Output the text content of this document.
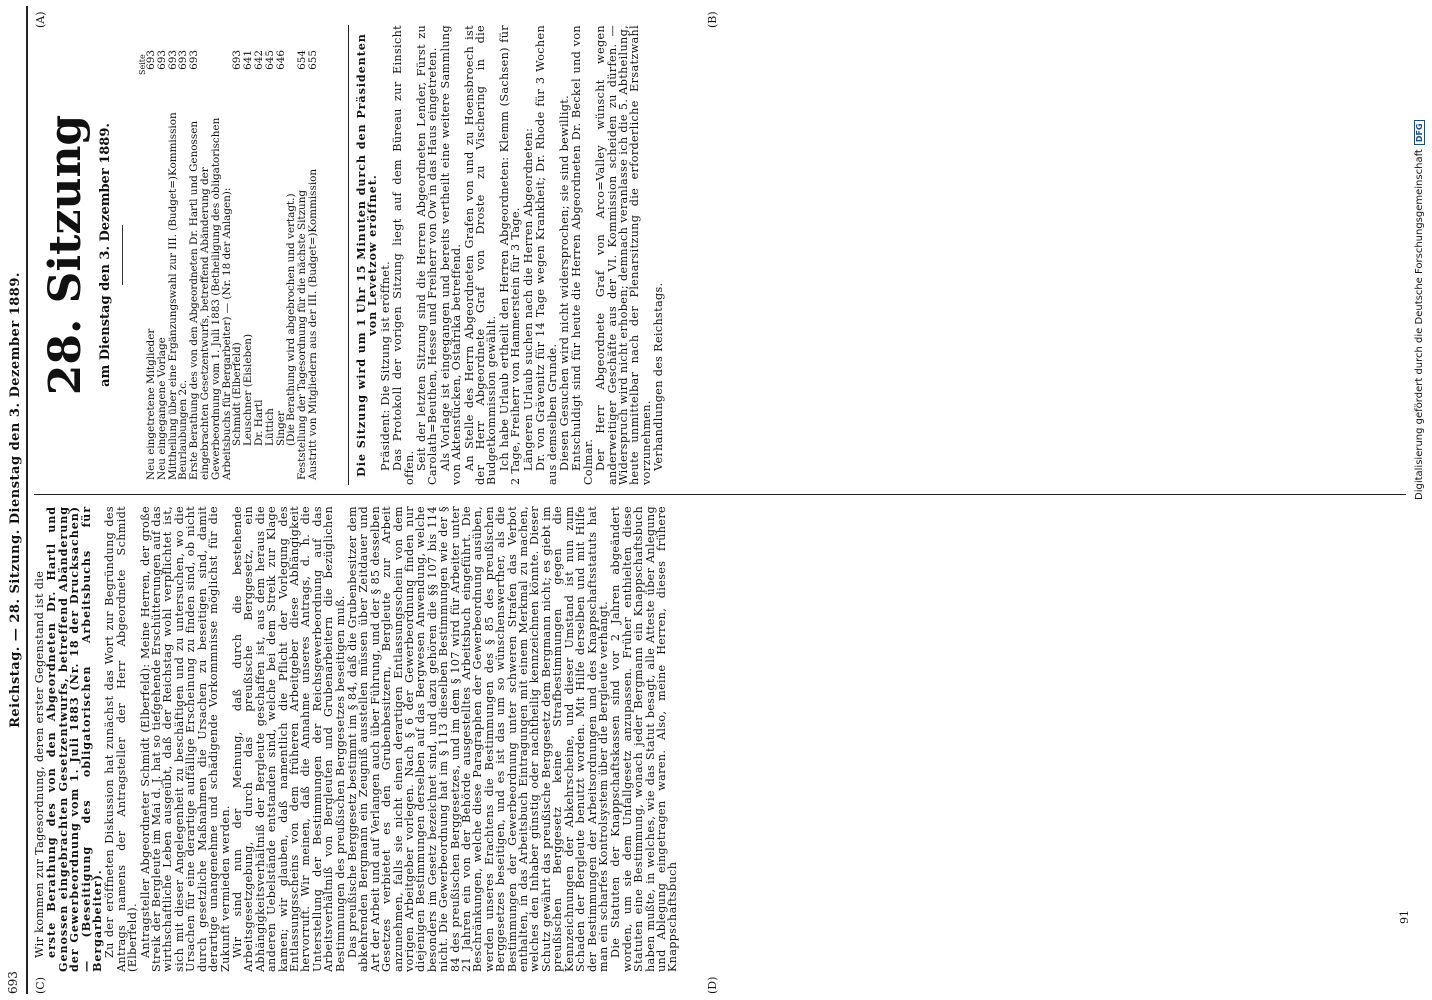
693
Reichstag. — 28. Sitzung. Dienstag den 3. Dezember 1889.
(A)	(B)
(C)	(D)
28. Sitzung am Dienstag den 3. Dezember 1889.
Seite
Neu eingetretene Mitglieder
693
Neu eingegangene Vorlage
693
Mittheilung über eine Ergänzungswahl zur III. (Budget=)Kommission
693
Beurlaubungen 2c.
693
Erste Berathung des von den Abgeordneten Dr. Hartl und Genossen eingebrachten Gesetzentwurfs, betreffend Abänderung der Gewerbeordnung vom 1. Juli 1883 (Betheiligung des obligatorischen Arbeitsbuchs für Bergarbeiter) — (Nr. 18 der Anlagen):
693
Schmidt (Elberfeld)
693
Leuschner (Eisleben)
641
Dr. Hartl
642
Lüttich
645
Singer
646
(Die Berathung wird abgebrochen und vertagt.)
Feststellung der Tagesordnung für die nächste Sitzung
654
Austritt von Mitgliedern aus der III. (Budget=)Kommission
655	Die Sitzung wird um 1 Uhr 15 Minuten durch den Präsidenten von Levetzow eröffnet.

Präsident: Die Sitzung ist eröffnet. Das Protokoll der vorigen Sitzung liegt auf dem Büreau zur Einsicht offen. Seit der letzten Sitzung sind die Herren Abgeordneten Lender, Fürst zu Carolath=Beuthen, Hesse und Freiherr von Ow in das Haus eingetreten. Als Vorlage ist eingegangen und bereits vertheilt eine weitere Sammlung von Aktenstücken, Ostafrika betreffend. An Stelle des Herrn Abgeordneten Grafen von und zu Hoensbroech ist der Herr Abgeordnete Graf von Droste zu Vischering in die Budgetkommission gewählt. Ich habe Urlaub ertheilt den Herren Abgeordneten: Klemm (Sachsen) für 2 Tage, Freiherr von Hammerstein für 3 Tage. Längeren Urlaub suchen nach die Herren Abgeordneten: Dr. von Grävenitz für 14 Tage wegen Krankheit; Dr. Rhode für 3 Wochen aus demselben Grunde. Diesen Gesuchen wird nicht widersprochen; sie sind bewilligt. Entschuldigt sind für heute die Herren Abgeordneten Dr. Beckel und von Colmar. Der Herr Abgeordnete Graf von Arco=Valley wünscht wegen anderweitiger Geschäfte aus der VI. Kommission scheiden zu dürfen. — Widerspruch wird nicht erhoben; demnach veranlasse ich die 5. Abtheilung, heute unmittelbar nach der Plenarsitzung die erforderliche Ersatzwahl vorzunehmen. Verhandlungen des Reichstags.

Wir kommen zur Tagesordnung, deren erster Gegenstand ist die

erste Berathung des von den Abgeordneten Dr. Hartl und Genossen eingebrachten Gesetzentwurfs, betreffend Abänderung der Gewerbeordnung vom 1. Juli 1883 (Nr. 18 der Drucksachen) — (Beseitigung des obligatorischen Arbeitsbuchs für Bergarbeiter). Zu der eröffneten Diskussion hat zunächst das Wort zur Begründung des Antrags namens der Antragsteller der Herr Abgeordnete Schmidt (Elberfeld). Antragsteller Abgeordneter Schmidt (Elberfeld): Meine Herren, der große Streik der Bergleute im Mai d. J. hat so tiefgehende Erschütterungen auf das wirthschaftliche Leben ausgeübt, daß der Reichstag wohl verpflichtet ist, sich mit dieser Angelegenheit zu beschäftigen und zu untersuchen, wo die Ursachen für eine derartige auffällige Erscheinung zu finden sind, ob nicht durch gesetzliche Maßnahmen die Ursachen zu beseitigen sind, damit derartige unangenehme und schädigende Vorkommnisse möglichst für die Zukunft vermieden werden. Wir sind nun der Meinung, daß durch die bestehende Arbeitsgesetzgebung, durch das preußische Berggesetz, ein Abhängigkeitsverhältniß der Bergleute geschaffen ist, aus dem heraus die anderen Uebelstände entstanden sind, welche bei dem Streik zur Klage kamen; wir glauben, daß namentlich die Pflicht der Vorlegung des Entlassungsscheins von dem früheren Arbeitgeber diese Abhängigkeit hervorruft. Wir meinen, daß die Annahme unseres Antrags, d. h. die Unterstellung der Bestimmungen der Reichsgewerbeordnung auf das Arbeitsverhältniß von Bergleuten und Grubenarbeitern die bezüglichen Bestimmungen des preußischen Berggesetzes beseitigen muß. Das preußische Berggesetz bestimmt im § 84, daß die Grubenbesitzer dem abkehrenden Bergmann ein Zeugniß ausstellen müssen über Zeitdauer und Art der Arbeit und auf Verlangen auch über Führung, und der § 85 desselben Gesetzes verbietet es den Grubenbesitzern, Bergleute zur Arbeit anzunehmen, falls sie nicht einen derartigen Entlassungsschein von dem vorigen Arbeitgeber vorlegen. Nach § 6 der Gewerbeordnung finden nur diejenigen Bestimmungen derselben auf das Bergwesen Anwendung, welche besonders im Gesetz bezeichnet sind, und dazu gehören die §§ 107 bis 114 nicht. Die Gewerbeordnung hat im § 113 dieselben Bestimmungen wie der § 84 des preußischen Berggesetzes, und im dem § 107 wird für Arbeiter unter 21 Jahren ein von der Behörde ausgestelltes Arbeitsbuch eingeführt. Die Beschränkungen, welche diese Paragraphen der Gewerbeordnung ausüben, werden unseres Erachtens die Bestimmungen des § 85 des preußischen Berggesetzes beseitigen, und es ist das um so wünschenswerther, als die Bestimmungen der Gewerbeordnung unter schweren Strafen das Verbot enthalten, in das Arbeitsbuch Eintragungen mit einem Merkmal zu machen, welches den Inhaber günstig oder nachtheilig kennzeichnen könnte. Dieser Schutz gewährt das preußische Berggesetz dem Bergmann nicht; es giebt im preußischen Berggesetz keine Strafbestimmungen gegen die Kennzeichnungen der Abkehrscheine, und dieser Umstand ist nun zum Schaden der Bergleute benutzt worden. Mit Hilfe derselben und mit Hilfe der Bestimmungen der Arbeitsordnungen und des Knappschaftsstatuts hat man ein scharfes Kontrolsystem über die Bergleute verhängt. Die Statuten der Knappschaftskassen sind vor 2 Jahren abgeändert worden, um sie dem Unfallgesetz anzupassen. Früher enthielten diese Statuten eine Bestimmung, wonach jeder Bergmann ein Knappschaftsbuch haben mußte, in welches, wie das Statut besagt, alle Atteste über Anlegung und Ablegung eingetragen waren. Also, meine Herren, dieses frühere Knappschaftsbuch	91
Digitalisierung gefördert durch die Deutsche ForschungsgemeinschaftDFG
